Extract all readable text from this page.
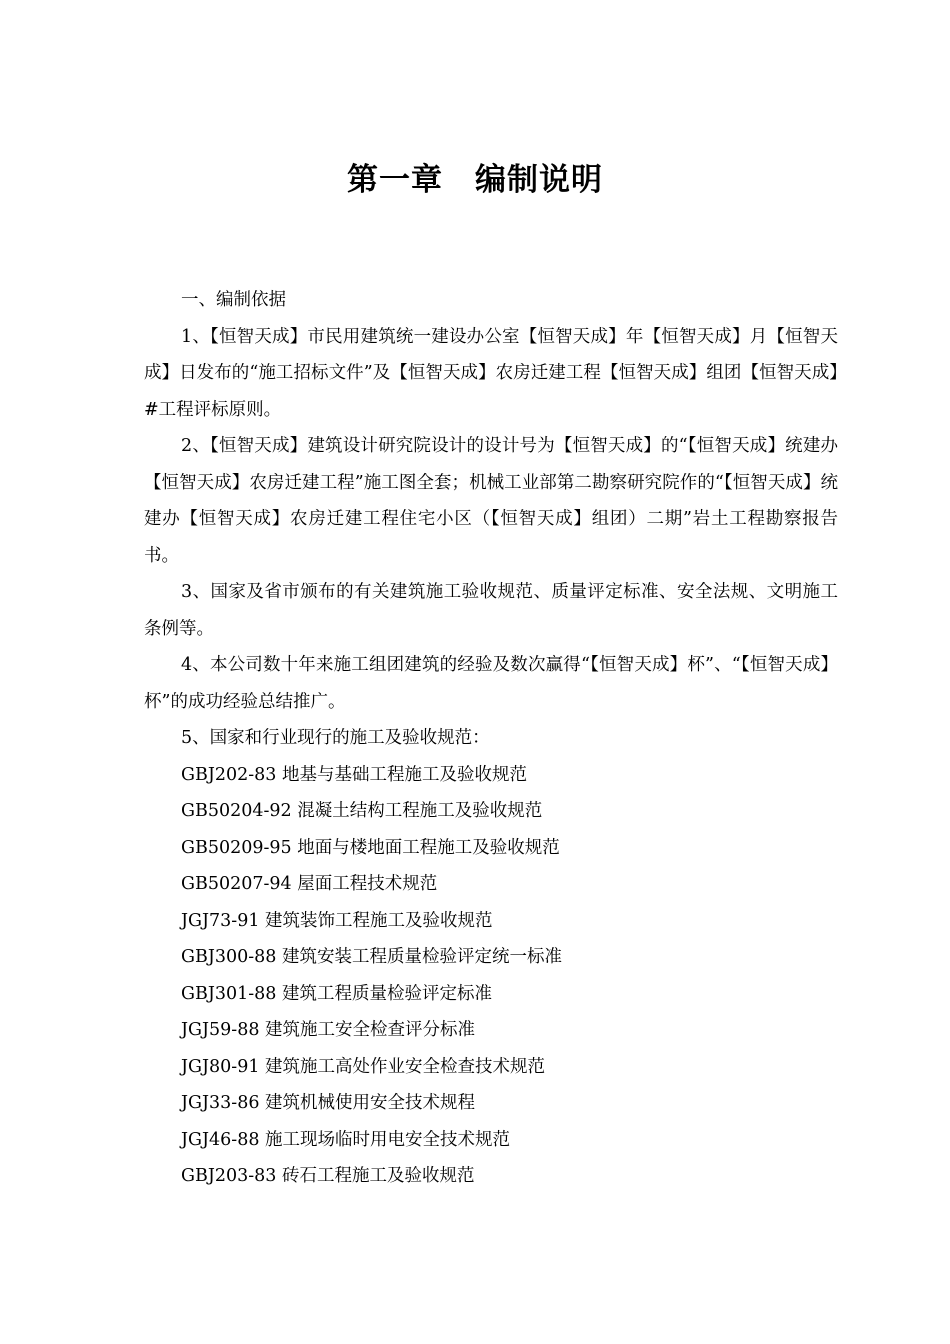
第一章　编制说明

一、编制依据

1、【恒智天成】市民用建筑统一建设办公室【恒智天成】年【恒智天成】月【恒智天成】日发布的“施工招标文件”及【恒智天成】农房迁建工程【恒智天成】组团【恒智天成】#工程评标原则。

2、【恒智天成】建筑设计研究院设计的设计号为【恒智天成】的“【恒智天成】统建办【恒智天成】农房迁建工程”施工图全套；机械工业部第二勘察研究院作的“【恒智天成】统建办【恒智天成】农房迁建工程住宅小区（【恒智天成】组团）二期”岩土工程勘察报告书。

3、国家及省市颁布的有关建筑施工验收规范、质量评定标准、安全法规、文明施工条例等。

4、本公司数十年来施工组团建筑的经验及数次赢得“【恒智天成】杯”、“【恒智天成】杯”的成功经验总结推广。

5、国家和行业现行的施工及验收规范：

GBJ202-83 地基与基础工程施工及验收规范
GB50204-92 混凝土结构工程施工及验收规范
GB50209-95 地面与楼地面工程施工及验收规范
GB50207-94 屋面工程技术规范
JGJ73-91 建筑装饰工程施工及验收规范
GBJ300-88 建筑安装工程质量检验评定统一标准
GBJ301-88 建筑工程质量检验评定标准
JGJ59-88 建筑施工安全检查评分标准
JGJ80-91 建筑施工高处作业安全检查技术规范
JGJ33-86 建筑机械使用安全技术规程
JGJ46-88 施工现场临时用电安全技术规范
GBJ203-83 砖石工程施工及验收规范
